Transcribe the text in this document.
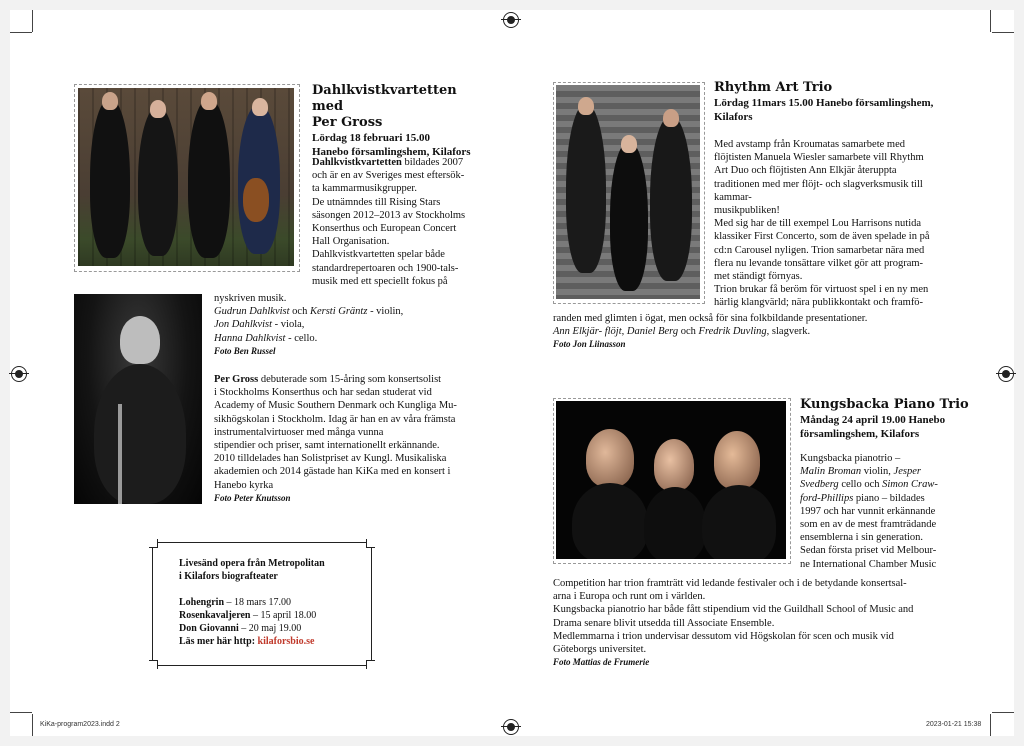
Dahlkvistkvartetten med
Per Gross
Lördag 18 februari 15.00
Hanebo församlingshem, Kilafors
Dahlkvistkvartetten bildades 2007
och är en av Sveriges mest eftersök-
ta kammarmusikgrupper.
De utnämndes till Rising Stars
säsongen 2012–2013 av Stockholms
Konserthus och European Concert
Hall Organisation.
Dahlkvistkvartetten spelar både
standardrepertoaren och 1900-tals-
musik med ett speciellt fokus på
nyskriven musik.
Gudrun Dahlkvist och Kersti Gräntz - violin,
Jon Dahlkvist - viola,
Hanna Dahlkvist - cello.
Foto Ben Russel
Per Gross debuterade som 15-åring som konsertsolist
i Stockholms Konserthus och har sedan studerat vid
Academy of Music Southern Denmark och Kungliga Mu-
sikhögskolan i Stockholm. Idag är han en av våra främsta
instrumentalvirtuoser med många vunna
stipendier och priser, samt internationellt erkännande.
2010 tilldelades han Solistpriset av Kungl. Musikaliska
akademien och 2014 gästade han KiKa med en konsert i
Hanebo kyrka
Foto Peter Knutsson
Livesänd opera från Metropolitan
i Kilafors biografteater
Lohengrin – 18 mars 17.00
Rosenkavaljeren – 15 april 18.00
Don Giovanni – 20 maj 19.00
Läs mer här http: kilaforsbio.se
Rhythm Art Trio
Lördag 11mars 15.00 Hanebo församlingshem,
Kilafors
Med avstamp från Kroumatas samarbete med
flöjtisten Manuela Wiesler samarbete vill Rhythm
Art Duo och flöjtisten Ann Elkjär återuppta
traditionen med mer flöjt- och slagverksmusik till
kammar-
musikpubliken!
Med sig har de till exempel Lou Harrisons nutida
klassiker First Concerto, som de även spelade in på
cd:n Carousel nyligen. Trion samarbetar nära med
flera nu levande tonsättare vilket gör att program-
met ständigt förnyas.
Trion brukar få beröm för virtuost spel i en ny men
härlig klangvärld; nära publikkontakt och framfö-
randen med glimten i ögat, men också för sina folkbildande presentationer.
Ann Elkjär- flöjt, Daniel Berg och Fredrik Duvling, slagverk.
Foto Jon Liinasson
Kungsbacka Piano Trio
Måndag 24 april 19.00 Hanebo
församlingshem, Kilafors
Kungsbacka pianotrio –
Malin Broman violin, Jesper
Svedberg cello och Simon Craw-
ford-Phillips piano – bildades
1997 och har vunnit erkännande
som en av de mest framträdande
ensemblerna i sin generation.
Sedan första priset vid Melbour-
ne International Chamber Music
Competition har trion framträtt vid ledande festivaler och i de betydande konsertsal-
arna i Europa och runt om i världen.
Kungsbacka pianotrio har både fått stipendium vid the Guildhall School of Music and
Drama senare blivit utsedda till Associate Ensemble.
Medlemmarna i trion undervisar dessutom vid Högskolan för scen och musik vid
Göteborgs universitet.
Foto Mattias de Frumerie
KiKa-program2023.indd 2	2023-01-21 15:38
